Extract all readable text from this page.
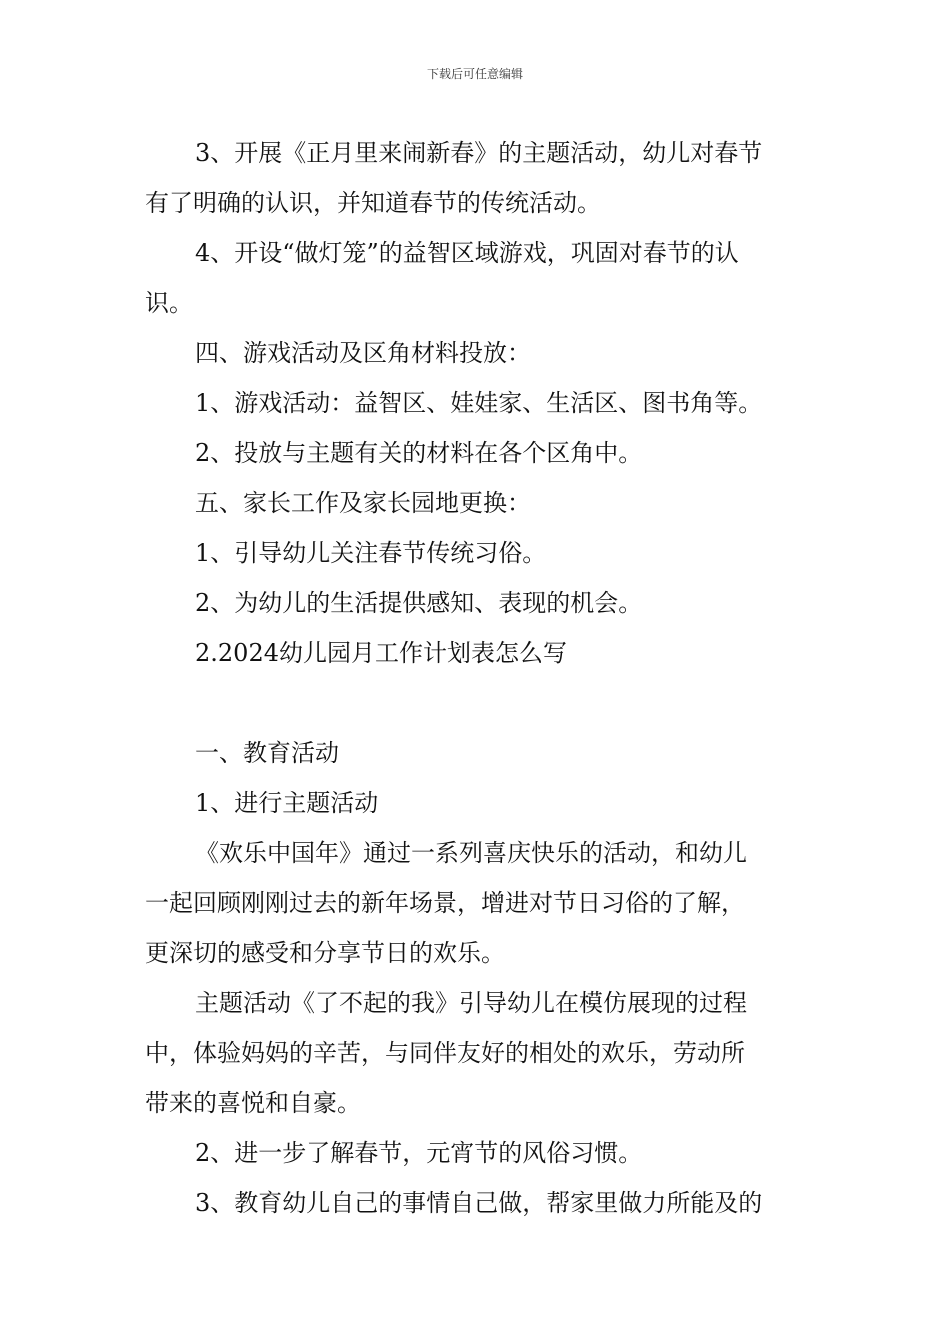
下载后可任意编辑
3、开展《正月里来闹新春》的主题活动，幼儿对春节
有了明确的认识，并知道春节的传统活动。
4、开设“做灯笼”的益智区域游戏，巩固对春节的认
识。
四、游戏活动及区角材料投放：
1、游戏活动：益智区、娃娃家、生活区、图书角等。
2、投放与主题有关的材料在各个区角中。
五、家长工作及家长园地更换：
1、引导幼儿关注春节传统习俗。
2、为幼儿的生活提供感知、表现的机会。
2.2024幼儿园月工作计划表怎么写
一、教育活动
1、进行主题活动
《欢乐中国年》通过一系列喜庆快乐的活动，和幼儿
一起回顾刚刚过去的新年场景，增进对节日习俗的了解，
更深切的感受和分享节日的欢乐。
主题活动《了不起的我》引导幼儿在模仿展现的过程
中，体验妈妈的辛苦，与同伴友好的相处的欢乐，劳动所
带来的喜悦和自豪。
2、进一步了解春节，元宵节的风俗习惯。
3、教育幼儿自己的事情自己做，帮家里做力所能及的
